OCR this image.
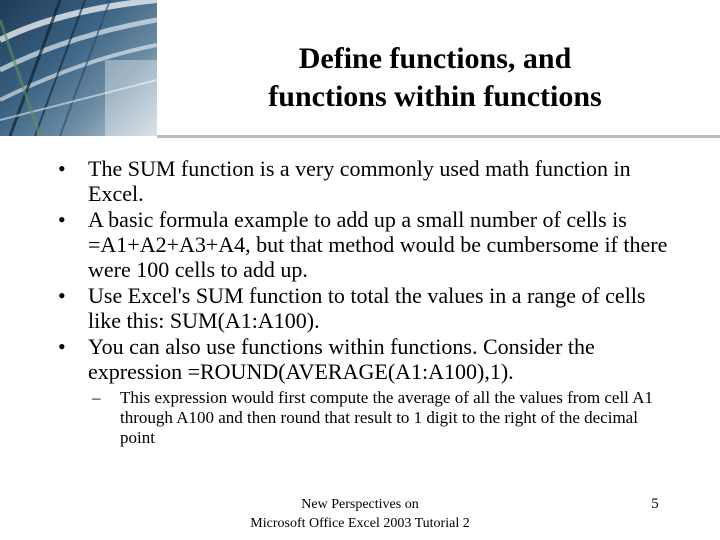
Define functions, and
functions within functions
• The SUM function is a very commonly used math function in Excel.
• A basic formula example to add up a small number of cells is =A1+A2+A3+A4, but that method would be cumbersome if there were 100 cells to add up.
• Use Excel's SUM function to total the values in a range of cells like this: SUM(A1:A100).
• You can also use functions within functions. Consider the expression =ROUND(AVERAGE(A1:A100),1).
– This expression would first compute the average of all the values from cell A1 through A100 and then round that result to 1 digit to the right of the decimal point
New Perspectives on
Microsoft Office Excel 2003 Tutorial 2
5
